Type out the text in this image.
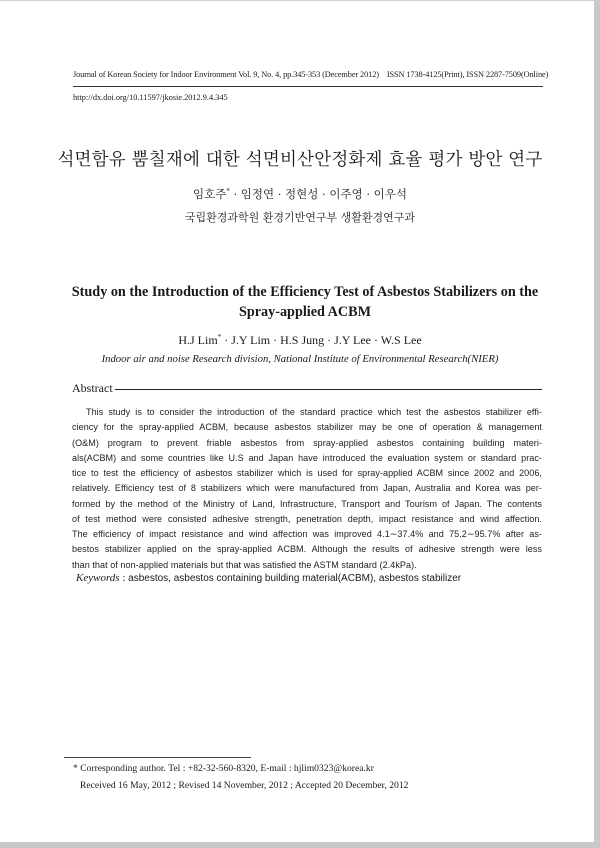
Journal of Korean Society for Indoor Environment Vol. 9, No. 4, pp.345-353 (December 2012) ISSN 1738-4125(Print), ISSN 2287-7509(Online)
http://dx.doi.org/10.11597/jkosie.2012.9.4.345
석면함유 뿜칠재에 대한 석면비산안정화제 효율 평가 방안 연구
임호주* · 임정연 · 정현성 · 이주영 · 이우석
국립환경과학원 환경기반연구부 생활환경연구과
Study on the Introduction of the Efficiency Test of Asbestos Stabilizers on the
Spray-applied ACBM
H.J Lim* · J.Y Lim · H.S Jung · J.Y Lee · W.S Lee
Indoor air and noise Research division, National Institute of Environmental Research(NIER)
Abstract
This study is to consider the introduction of the standard practice which test the asbestos stabilizer effi-
ciency for the spray-applied ACBM, because asbestos stabilizer may be one of operation & management
(O&M) program to prevent friable asbestos from spray-applied asbestos containing building materi-
als(ACBM) and some countries like U.S and Japan have introduced the evaluation system or standard prac-
tice to test the efficiency of asbestos stabilizer which is used for spray-applied ACBM since 2002 and 2006,
relatively. Efficiency test of 8 stabilizers which were manufactured from Japan, Australia and Korea was per-
formed by the method of the Ministry of Land, Infrastructure, Transport and Tourism of Japan. The contents
of test method were consisted adhesive strength, penetration depth, impact resistance and wind affection.
The efficiency of impact resistance and wind affection was improved 4.1∼37.4% and 75.2∼95.7% after as-
bestos stabilizer applied on the spray-applied ACBM. Although the results of adhesive strength were less
than that of non-applied materials but that was satisfied the ASTM standard (2.4kPa).
Keywords : asbestos, asbestos containing building material(ACBM), asbestos stabilizer
* Corresponding author. Tel : +82-32-560-8320, E-mail : hjlim0323@korea.kr
Received 16 May, 2012 ; Revised 14 November, 2012 ; Accepted 20 December, 2012
